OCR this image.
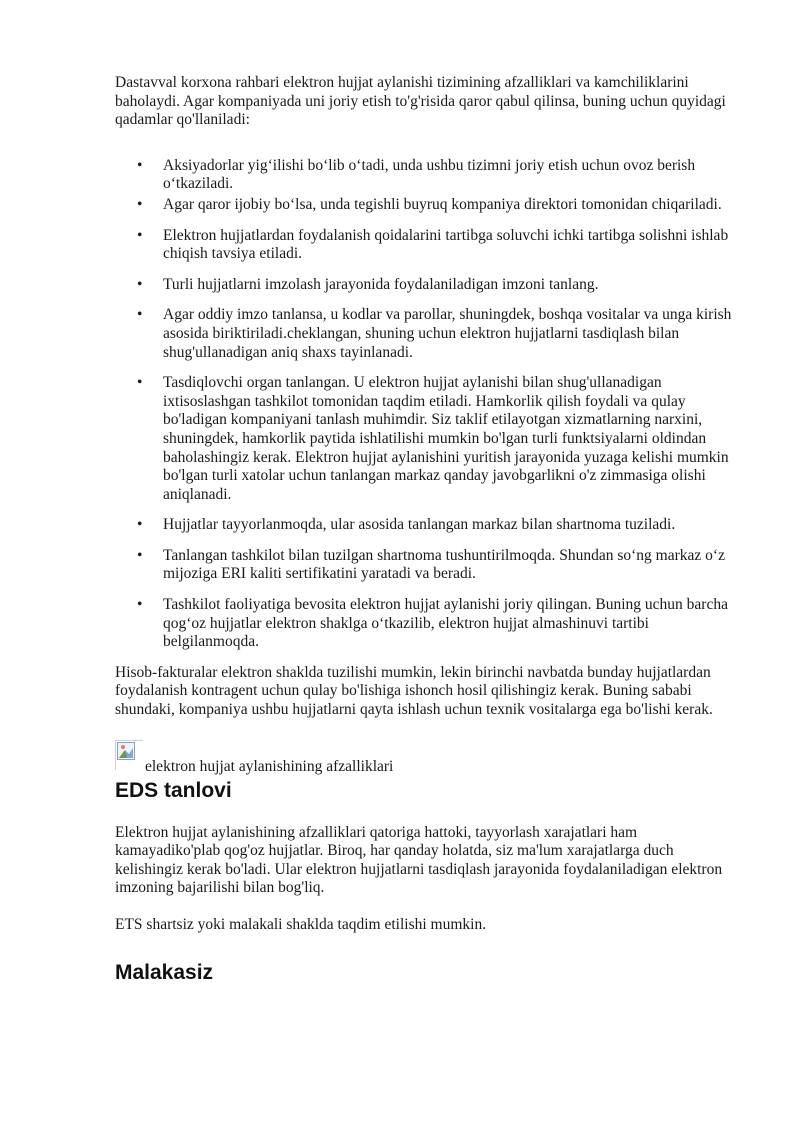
Dastavval korxona rahbari elektron hujjat aylanishi tizimining afzalliklari va kamchiliklarini baholaydi. Agar kompaniyada uni joriy etish to'g'risida qaror qabul qilinsa, buning uchun quyidagi qadamlar qo'llaniladi:

• Aksiyadorlar yig‘ilishi bo‘lib o‘tadi, unda ushbu tizimni joriy etish uchun ovoz berish o‘tkaziladi.
• Agar qaror ijobiy bo‘lsa, unda tegishli buyruq kompaniya direktori tomonidan chiqariladi.
• Elektron hujjatlardan foydalanish qoidalarini tartibga soluvchi ichki tartibga solishni ishlab chiqish tavsiya etiladi.
• Turli hujjatlarni imzolash jarayonida foydalaniladigan imzoni tanlang.
• Agar oddiy imzo tanlansa, u kodlar va parollar, shuningdek, boshqa vositalar va unga kirish asosida biriktiriladi.cheklangan, shuning uchun elektron hujjatlarni tasdiqlash bilan shug'ullanadigan aniq shaxs tayinlanadi.
• Tasdiqlovchi organ tanlangan. U elektron hujjat aylanishi bilan shug'ullanadigan ixtisoslashgan tashkilot tomonidan taqdim etiladi. Hamkorlik qilish foydali va qulay bo'ladigan kompaniyani tanlash muhimdir. Siz taklif etilayotgan xizmatlarning narxini, shuningdek, hamkorlik paytida ishlatilishi mumkin bo'lgan turli funktsiyalarni oldindan baholashingiz kerak. Elektron hujjat aylanishini yuritish jarayonida yuzaga kelishi mumkin bo'lgan turli xatolar uchun tanlangan markaz qanday javobgarlikni o'z zimmasiga olishi aniqlanadi.
• Hujjatlar tayyorlanmoqda, ular asosida tanlangan markaz bilan shartnoma tuziladi.
• Tanlangan tashkilot bilan tuzilgan shartnoma tushuntirilmoqda. Shundan so‘ng markaz o‘z mijoziga ERI kaliti sertifikatini yaratadi va beradi.
• Tashkilot faoliyatiga bevosita elektron hujjat aylanishi joriy qilingan. Buning uchun barcha qog‘oz hujjatlar elektron shaklga o‘tkazilib, elektron hujjat almashinuvi tartibi belgilanmoqda.

Hisob-fakturalar elektron shaklda tuzilishi mumkin, lekin birinchi navbatda bunday hujjatlardan foydalanish kontragent uchun qulay bo'lishiga ishonch hosil qilishingiz kerak. Buning sababi shundaki, kompaniya ushbu hujjatlarni qayta ishlash uchun texnik vositalarga ega bo'lishi kerak.

elektron hujjat aylanishining afzalliklari
EDS tanlovi

Elektron hujjat aylanishining afzalliklari qatoriga hattoki, tayyorlash xarajatlari ham kamayadiko'plab qog'oz hujjatlar. Biroq, har qanday holatda, siz ma'lum xarajatlarga duch kelishingiz kerak bo'ladi. Ular elektron hujjatlarni tasdiqlash jarayonida foydalaniladigan elektron imzoning bajarilishi bilan bog'liq.

ETS shartsiz yoki malakali shaklda taqdim etilishi mumkin.

Malakasiz
